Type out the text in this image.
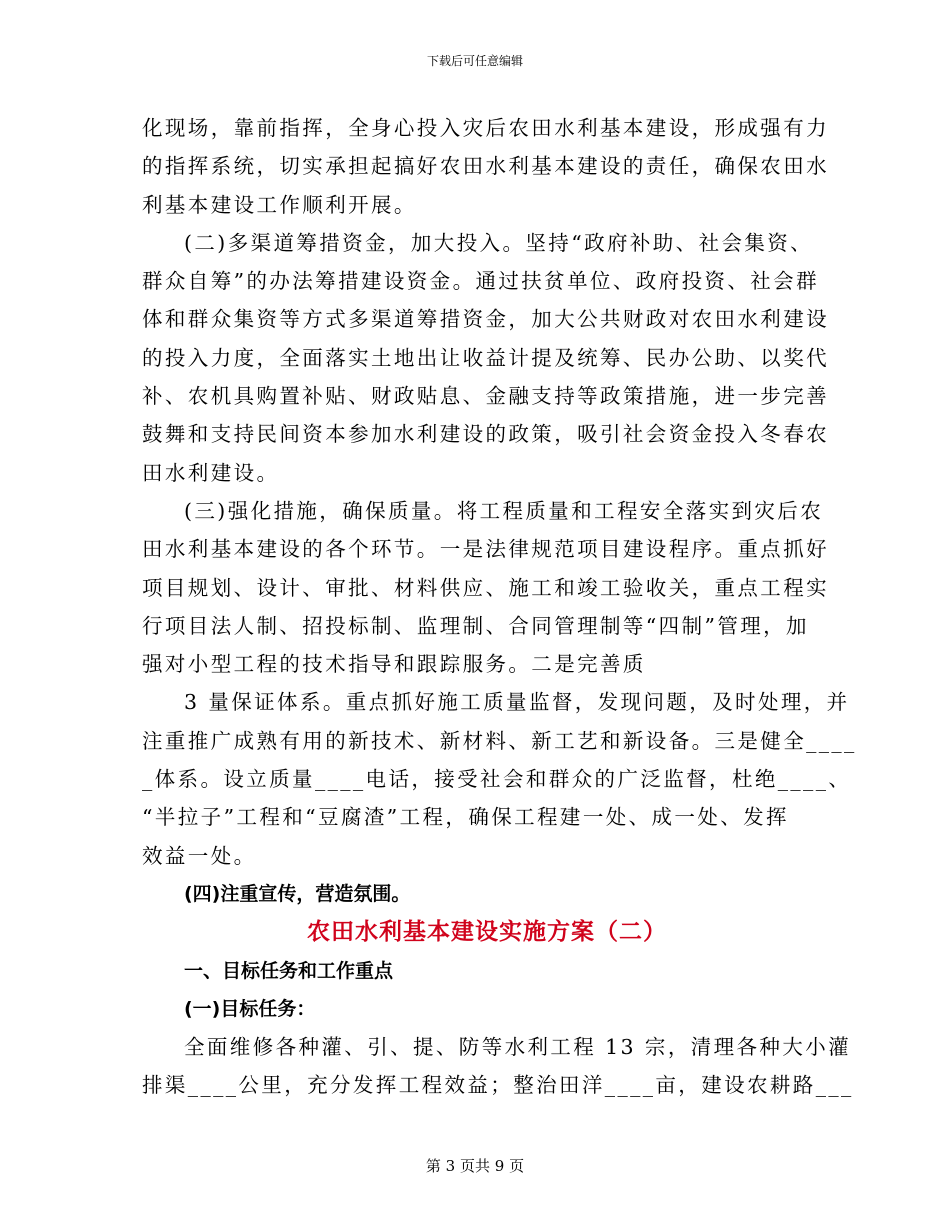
下载后可任意编辑
化现场，靠前指挥，全身心投入灾后农田水利基本建设，形成强有力
的指挥系统，切实承担起搞好农田水利基本建设的责任，确保农田水
利基本建设工作顺利开展。
(二)多渠道筹措资金，加大投入。坚持“政府补助、社会集资、
群众自筹”的办法筹措建设资金。通过扶贫单位、政府投资、社会群
体和群众集资等方式多渠道筹措资金，加大公共财政对农田水利建设
的投入力度，全面落实土地出让收益计提及统筹、民办公助、以奖代
补、农机具购置补贴、财政贴息、金融支持等政策措施，进一步完善
鼓舞和支持民间资本参加水利建设的政策，吸引社会资金投入冬春农
田水利建设。
(三)强化措施，确保质量。将工程质量和工程安全落实到灾后农
田水利基本建设的各个环节。一是法律规范项目建设程序。重点抓好
项目规划、设计、审批、材料供应、施工和竣工验收关，重点工程实
行项目法人制、招投标制、监理制、合同管理制等“四制”管理，加
强对小型工程的技术指导和跟踪服务。二是完善质
3 量保证体系。重点抓好施工质量监督，发现问题，及时处理，并
注重推广成熟有用的新技术、新材料、新工艺和新设备。三是健全____
_体系。设立质量____电话，接受社会和群众的广泛监督，杜绝____、
“半拉子”工程和“豆腐渣”工程，确保工程建一处、成一处、发挥
效益一处。
(四)注重宣传，营造氛围。
农田水利基本建设实施方案（二）
一、目标任务和工作重点
(一)目标任务：
全面维修各种灌、引、提、防等水利工程 13 宗，清理各种大小灌
排渠____公里，充分发挥工程效益；整治田洋____亩，建设农耕路___
第 3 页共 9 页
